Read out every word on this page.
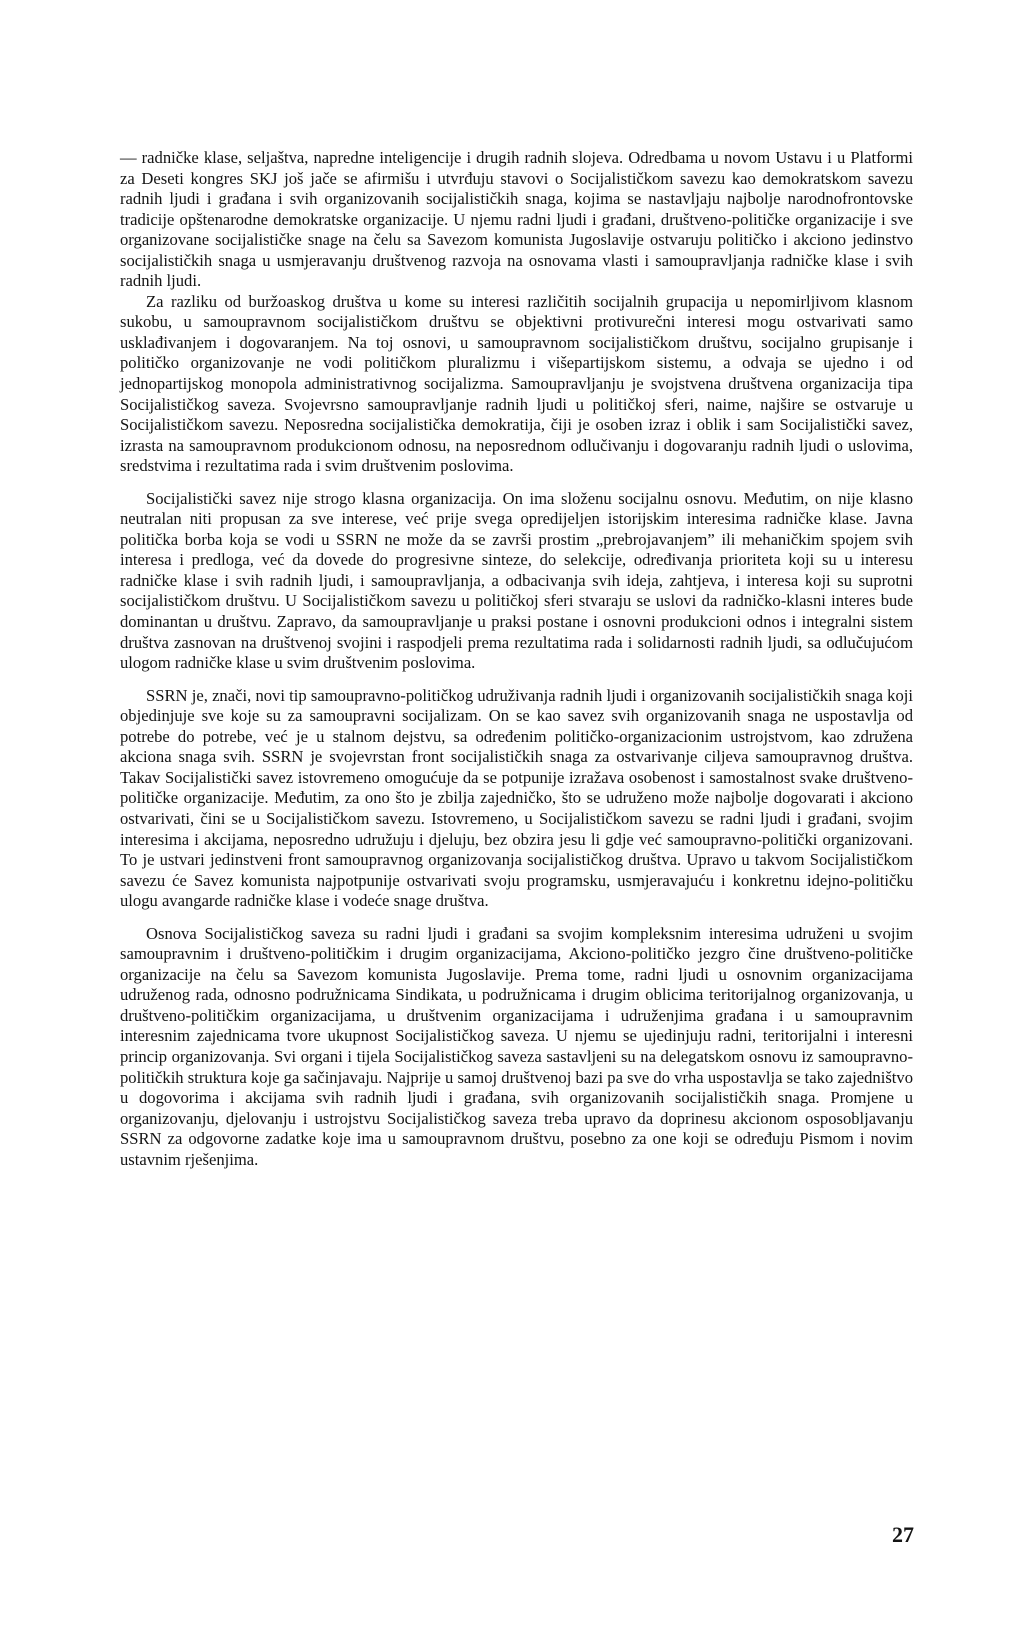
— radničke klase, seljaštva, napredne inteligencije i drugih radnih slojeva. Odredbama u novom Ustavu i u Platformi za Deseti kongres SKJ još jače se afirmišu i utvrđuju stavovi o Socijalističkom savezu kao demokratskom savezu radnih ljudi i građana i svih organizovanih socijalističkih snaga, kojima se nastavljaju najbolje narodnofrontovske tradicije opštenarodne demokratske organizacije. U njemu radni ljudi i građani, društveno-političke organizacije i sve organizovane socijalističke snage na čelu sa Savezom komunista Jugoslavije ostvaruju političko i akciono jedinstvo socijalističkih snaga u usmjeravanju društvenog razvoja na osnovama vlasti i samoupravljanja radničke klase i svih radnih ljudi.

Za razliku od buržoaskog društva u kome su interesi različitih socijalnih grupacija u nepomirljivom klasnom sukobu, u samoupravnom socijalističkom društvu se objektivni protivurečni interesi mogu ostvarivati samo usklađivanjem i dogovaranjem. Na toj osnovi, u samoupravnom socijalističkom društvu, socijalno grupisanje i političko organizovanje ne vodi političkom pluralizmu i višepartijskom sistemu, a odvaja se ujedno i od jednopartijskog monopola administrativnog socijalizma. Samoupravljanju je svojstvena društvena organizacija tipa Socijalističkog saveza. Svojevrsno samoupravljanje radnih ljudi u političkoj sferi, naime, najšire se ostvaruje u Socijalističkom savezu. Neposredna socijalistička demokratija, čiji je osoben izraz i oblik i sam Socijalistički savez, izrasta na samoupravnom produkcionom odnosu, na neposrednom odlučivanju i dogovaranju radnih ljudi o uslovima, sredstvima i rezultatima rada i svim društvenim poslovima.

Socijalistički savez nije strogo klasna organizacija. On ima složenu socijalnu osnovu. Međutim, on nije klasno neutralan niti propusan za sve interese, već prije svega opredijeljen istorijskim interesima radničke klase. Javna politička borba koja se vodi u SSRN ne može da se završi prostim „prebrojavanjem” ili mehaničkim spojem svih interesa i predloga, već da dovede do progresivne sinteze, do selekcije, određivanja prioriteta koji su u interesu radničke klase i svih radnih ljudi, i samoupravljanja, a odbacivanja svih ideja, zahtjeva, i interesa koji su suprotni socijalističkom društvu. U Socijalističkom savezu u političkoj sferi stvaraju se uslovi da radničko-klasni interes bude dominantan u društvu. Zapravo, da samoupravljanje u praksi postane i osnovni produkcioni odnos i integralni sistem društva zasnovan na društvenoj svojini i raspodjeli prema rezultatima rada i solidarnosti radnih ljudi, sa odlučujućom ulogom radničke klase u svim društvenim poslovima.

SSRN je, znači, novi tip samoupravno-političkog udruživanja radnih ljudi i organizovanih socijalističkih snaga koji objedinjuje sve koje su za samoupravni socijalizam. On se kao savez svih organizovanih snaga ne uspostavlja od potrebe do potrebe, već je u stalnom dejstvu, sa određenim političko-organizacionim ustrojstvom, kao združena akciona snaga svih. SSRN je svojevrstan front socijalističkih snaga za ostvarivanje ciljeva samoupravnog društva. Takav Socijalistički savez istovremeno omogućuje da se potpunije izražava osobenost i samostalnost svake društveno-političke organizacije. Međutim, za ono što je zbilja zajedničko, što se udruženo može najbolje dogovarati i akciono ostvarivati, čini se u Socijalističkom savezu. Istovremeno, u Socijalističkom savezu se radni ljudi i građani, svojim interesima i akcijama, neposredno udružuju i djeluju, bez obzira jesu li gdje već samoupravno-politički organizovani. To je ustvari jedinstveni front samoupravnog organizovanja socijalističkog društva. Upravo u takvom Socijalističkom savezu će Savez komunista najpotpunije ostvarivati svoju programsku, usmjeravajuću i konkretnu idejno-političku ulogu avangarde radničke klase i vodeće snage društva.

Osnova Socijalističkog saveza su radni ljudi i građani sa svojim kompleksnim interesima udruženi u svojim samoupravnim i društveno-političkim i drugim organizacijama, Akciono-političko jezgro čine društveno-političke organizacije na čelu sa Savezom komunista Jugoslavije. Prema tome, radni ljudi u osnovnim organizacijama udruženog rada, odnosno podružnicama Sindikata, u podružnicama i drugim oblicima teritorijalnog organizovanja, u društveno-političkim organizacijama, u društvenim organizacijama i udruženjima građana i u samoupravnim interesnim zajednicama tvore ukupnost Socijalističkog saveza. U njemu se ujedinjuju radni, teritorijalni i interesni princip organizovanja. Svi organi i tijela Socijalističkog saveza sastavljeni su na delegatskom osnovu iz samoupravno-političkih struktura koje ga sačinjavaju. Najprije u samoj društvenoj bazi pa sve do vrha uspostavlja se tako zajedništvo u dogovorima i akcijama svih radnih ljudi i građana, svih organizovanih socijalističkih snaga. Promjene u organizovanju, djelovanju i ustrojstvu Socijalističkog saveza treba upravo da doprinesu akcionom osposobljavanju SSRN za odgovorne zadatke koje ima u samoupravnom društvu, posebno za one koji se određuju Pismom i novim ustavnim rješenjima.

27
